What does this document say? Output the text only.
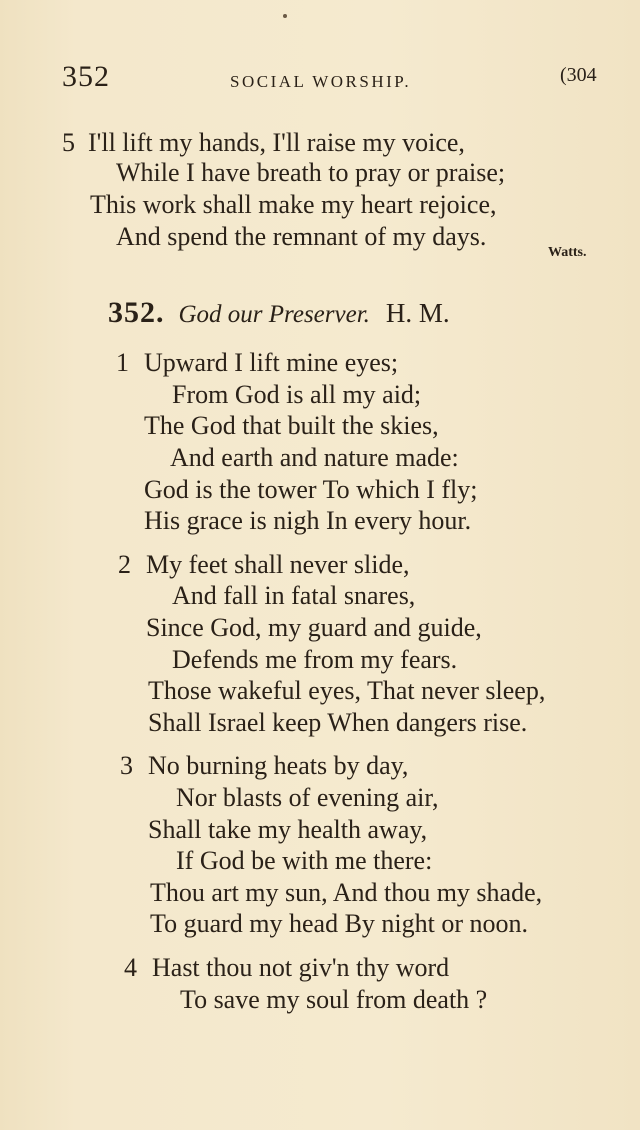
352	SOCIAL WORSHIP.	(304
5 I'll lift my hands, I'll raise my voice,
While I have breath to pray or praise;
This work shall make my heart rejoice,
And spend the remnant of my days.
Watts.
352. God our Preserver. H. M.
1 Upward I lift mine eyes;
From God is all my aid;
The God that built the skies,
And earth and nature made:
God is the tower To which I fly;
His grace is nigh In every hour.
2 My feet shall never slide,
And fall in fatal snares,
Since God, my guard and guide,
Defends me from my fears.
Those wakeful eyes, That never sleep,
Shall Israel keep When dangers rise.
3 No burning heats by day,
Nor blasts of evening air,
Shall take my health away,
If God be with me there:
Thou art my sun, And thou my shade,
To guard my head By night or noon.
4 Hast thou not giv'n thy word
To save my soul from death ?
